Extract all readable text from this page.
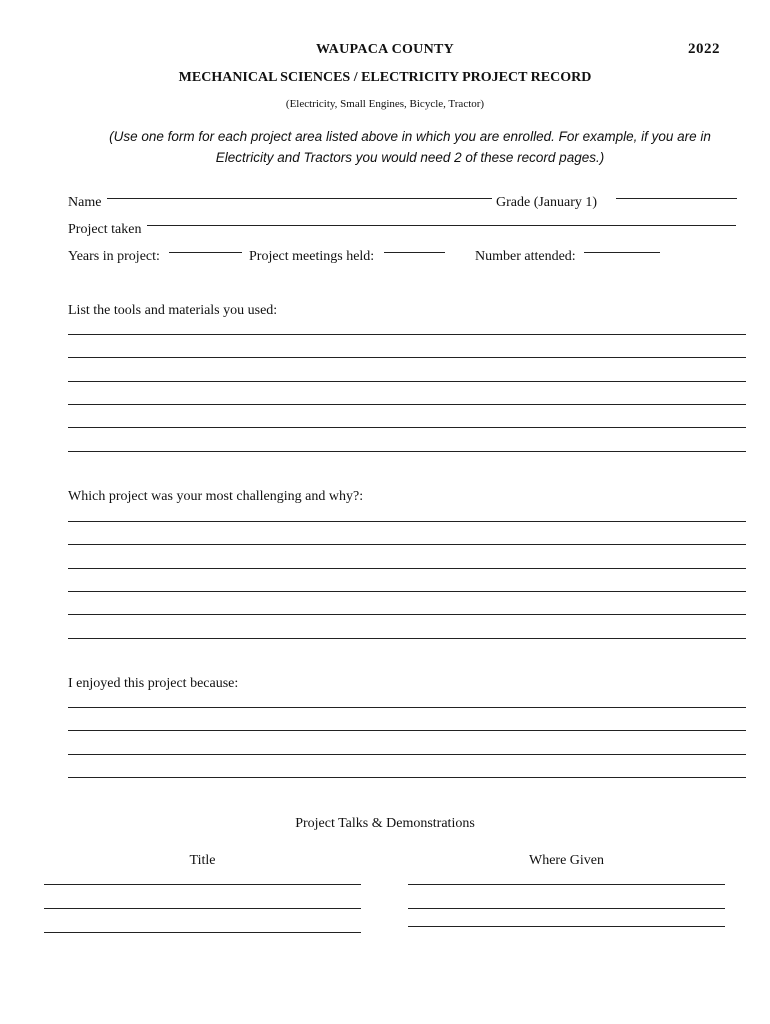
WAUPACA COUNTY	2022
MECHANICAL SCIENCES / ELECTRICITY PROJECT RECORD
(Electricity, Small Engines, Bicycle, Tractor)
(Use one form for each project area listed above in which you are enrolled. For example, if you are in Electricity and Tractors you would need 2 of these record pages.)
Name	Grade (January 1)
Project taken
Years in project:	Project meetings held:	Number attended:
List the tools and materials you used:
Which project was your most challenging and why?:
I enjoyed this project because:
Project Talks & Demonstrations
Title	Where Given
